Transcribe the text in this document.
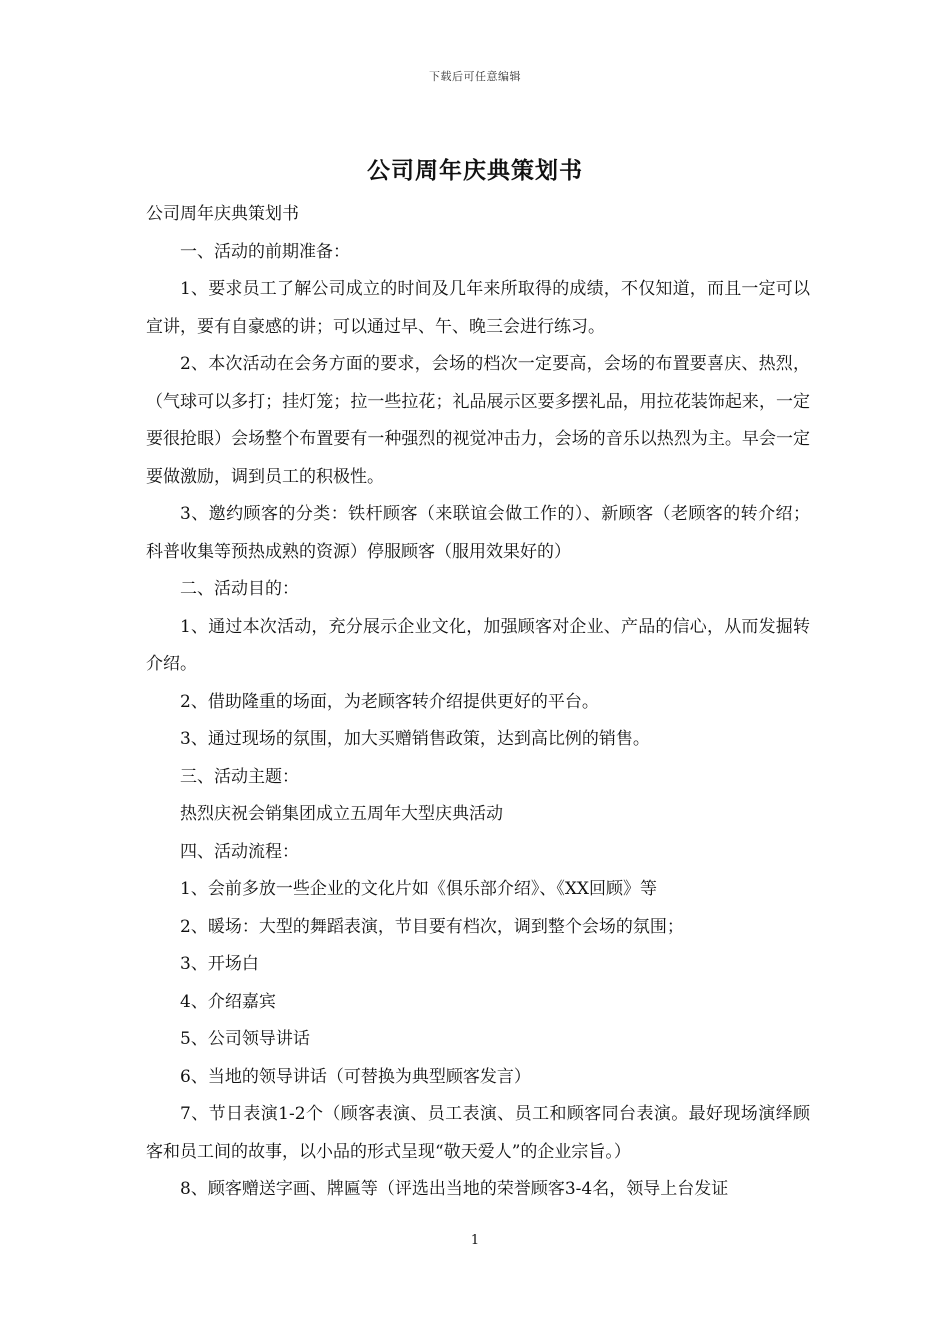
下载后可任意编辑
公司周年庆典策划书

公司周年庆典策划书

一、活动的前期准备：

1、要求员工了解公司成立的时间及几年来所取得的成绩，不仅知道，而且一定可以宣讲，要有自豪感的讲；可以通过早、午、晚三会进行练习。

2、本次活动在会务方面的要求，会场的档次一定要高，会场的布置要喜庆、热烈，（气球可以多打；挂灯笼；拉一些拉花；礼品展示区要多摆礼品，用拉花装饰起来，一定要很抢眼）会场整个布置要有一种强烈的视觉冲击力，会场的音乐以热烈为主。早会一定要做激励，调到员工的积极性。

3、邀约顾客的分类：铁杆顾客（来联谊会做工作的）、新顾客（老顾客的转介绍；科普收集等预热成熟的资源）停服顾客（服用效果好的）

二、活动目的：

1、通过本次活动，充分展示企业文化，加强顾客对企业、产品的信心，从而发掘转介绍。

2、借助隆重的场面，为老顾客转介绍提供更好的平台。

3、通过现场的氛围，加大买赠销售政策，达到高比例的销售。

三、活动主题：

热烈庆祝会销集团成立五周年大型庆典活动

四、活动流程：

1、会前多放一些企业的文化片如《俱乐部介绍》、《XX回顾》等

2、暖场：大型的舞蹈表演，节目要有档次，调到整个会场的氛围；

3、开场白

4、介绍嘉宾

5、公司领导讲话

6、当地的领导讲话（可替换为典型顾客发言）

7、节日表演1-2个（顾客表演、员工表演、员工和顾客同台表演。最好现场演绎顾客和员工间的故事，以小品的形式呈现“敬天爱人”的企业宗旨。）

8、顾客赠送字画、牌匾等（评选出当地的荣誉顾客3-4名，领导上台发证

1
